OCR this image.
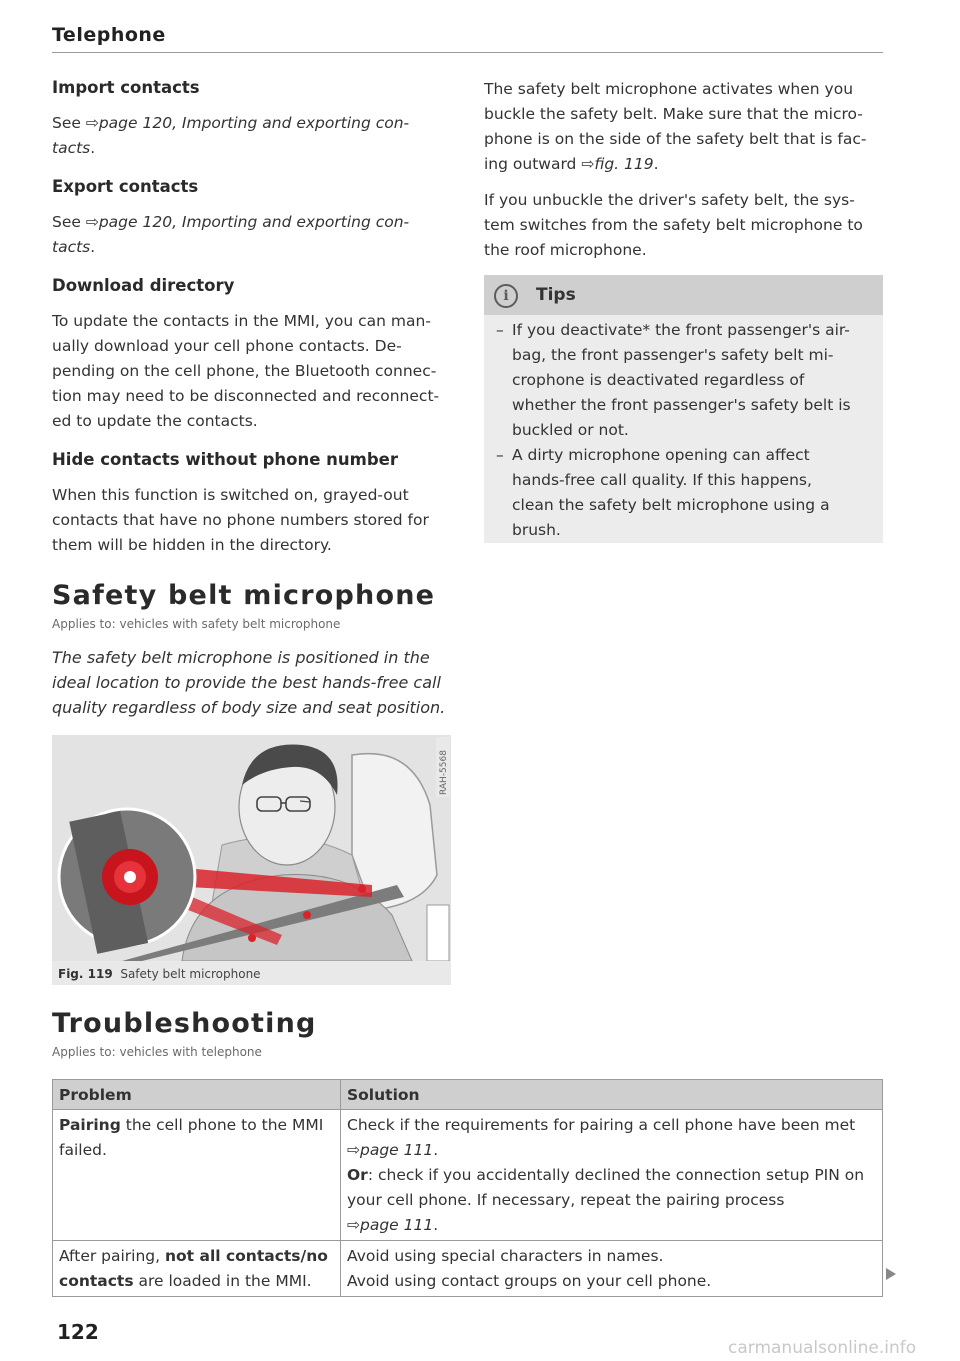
Telephone
Import contacts
See ⇨page 120, Importing and exporting con-
tacts.
Export contacts
See ⇨page 120, Importing and exporting con-
tacts.
Download directory
To update the contacts in the MMI, you can man-
ually download your cell phone contacts. De-
pending on the cell phone, the Bluetooth connec-
tion may need to be disconnected and reconnect-
ed to update the contacts.
Hide contacts without phone number
When this function is switched on, grayed-out
contacts that have no phone numbers stored for
them will be hidden in the directory.
Safety belt microphone
Applies to: vehicles with safety belt microphone
The safety belt microphone is positioned in the
ideal location to provide the best hands-free call
quality regardless of body size and seat position.
RAH-5568
Fig. 119 Safety belt microphone
Troubleshooting
Applies to: vehicles with telephone
The safety belt microphone activates when you
buckle the safety belt. Make sure that the micro-
phone is on the side of the safety belt that is fac-
ing outward ⇨fig. 119.
If you unbuckle the driver's safety belt, the sys-
tem switches from the safety belt microphone to
the roof microphone.
i	Tips
– If you deactivate* the front passenger's air-
bag, the front passenger's safety belt mi-
crophone is deactivated regardless of
whether the front passenger's safety belt is
buckled or not.
– A dirty microphone opening can affect
hands-free call quality. If this happens,
clean the safety belt microphone using a
brush.
Problem	Solution
Pairing the cell phone to the MMI failed.	Check if the requirements for pairing a cell phone have been met
⇨page 111.
Or: check if you accidentally declined the connection setup PIN on your cell phone. If necessary, repeat the pairing process
⇨page 111.
After pairing, not all contacts/no contacts are loaded in the MMI.	Avoid using special characters in names.
Avoid using contact groups on your cell phone.
122
carmanualsonline.info
